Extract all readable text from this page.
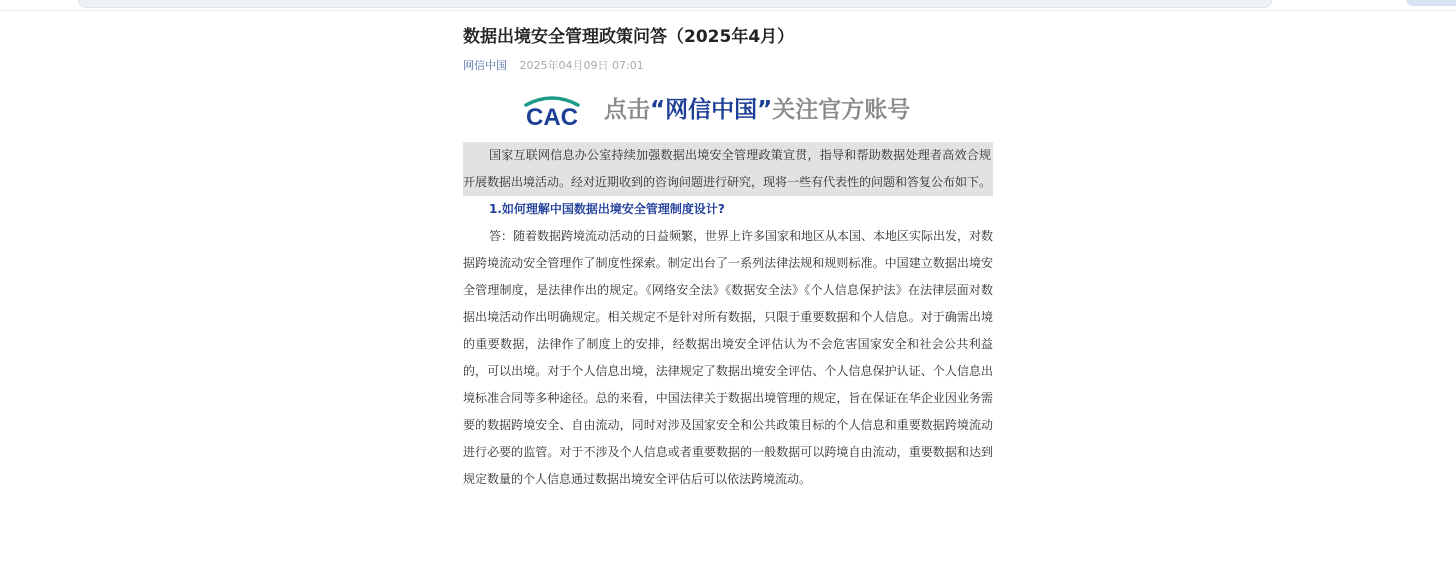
数据出境安全管理政策问答（2025年4月）
网信中国 2025年04月09日 07:01
CAC 点击“网信中国”关注官方账号

国家互联网信息办公室持续加强数据出境安全管理政策宣贯，指导和帮助数据处理者高效合规开展数据出境活动。经对近期收到的咨询问题进行研究，现将一些有代表性的问题和答复公布如下。

1.如何理解中国数据出境安全管理制度设计?

答：随着数据跨境流动活动的日益频繁，世界上许多国家和地区从本国、本地区实际出发，对数据跨境流动安全管理作了制度性探索。制定出台了一系列法律法规和规则标准。中国建立数据出境安全管理制度，是法律作出的规定。《网络安全法》《数据安全法》《个人信息保护法》在法律层面对数据出境活动作出明确规定。相关规定不是针对所有数据，只限于重要数据和个人信息。对于确需出境的重要数据，法律作了制度上的安排，经数据出境安全评估认为不会危害国家安全和社会公共利益的，可以出境。对于个人信息出境，法律规定了数据出境安全评估、个人信息保护认证、个人信息出境标准合同等多种途径。总的来看，中国法律关于数据出境管理的规定，旨在保证在华企业因业务需要的数据跨境安全、自由流动，同时对涉及国家安全和公共政策目标的个人信息和重要数据跨境流动进行必要的监管。对于不涉及个人信息或者重要数据的一般数据可以跨境自由流动，重要数据和达到规定数量的个人信息通过数据出境安全评估后可以依法跨境流动。
